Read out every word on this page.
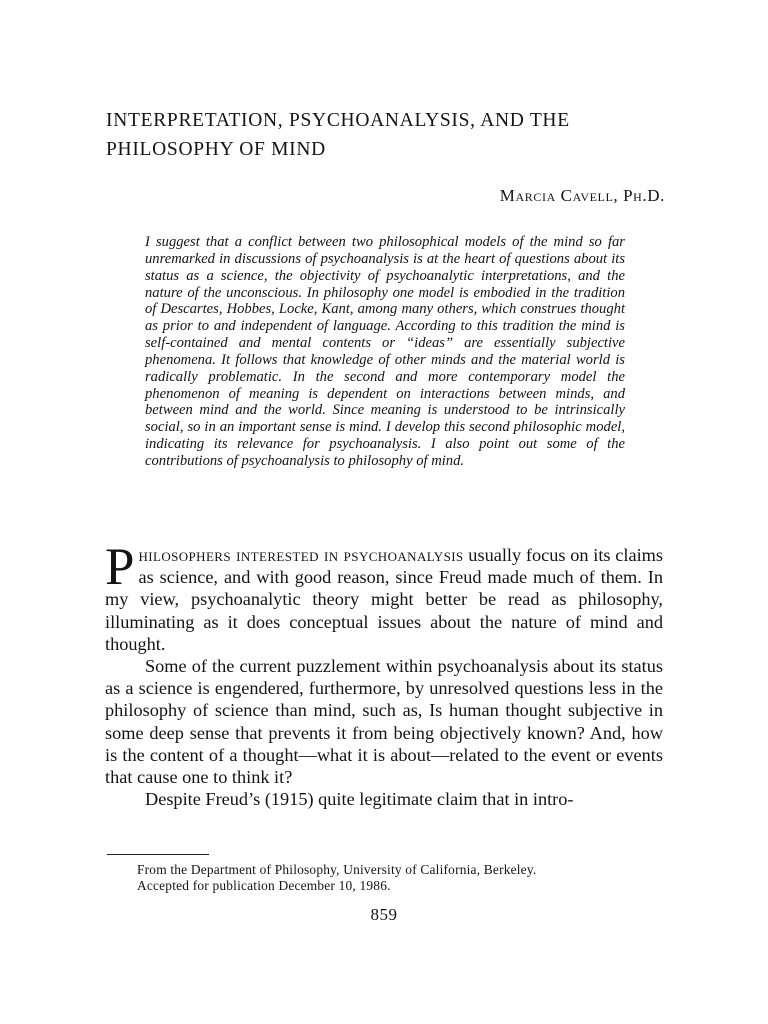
INTERPRETATION, PSYCHOANALYSIS, AND THE PHILOSOPHY OF MIND
Marcia Cavell, Ph.D.

I suggest that a conflict between two philosophical models of the mind so far unremarked in discussions of psychoanalysis is at the heart of questions about its status as a science, the objectivity of psychoanalytic interpretations, and the nature of the unconscious. In philosophy one model is embodied in the tradition of Descartes, Hobbes, Locke, Kant, among many others, which construes thought as prior to and independent of language. According to this tradition the mind is self-contained and mental contents or “ideas” are essentially subjective phenomena. It follows that knowledge of other minds and the material world is radically problematic. In the second and more contemporary model the phenomenon of meaning is dependent on interactions between minds, and between mind and the world. Since meaning is understood to be intrinsically social, so in an important sense is mind. I develop this second philosophic model, indicating its relevance for psychoanalysis. I also point out some of the contributions of psychoanalysis to philosophy of mind.

Philosophers interested in psychoanalysis usually focus on its claims as science, and with good reason, since Freud made much of them. In my view, psychoanalytic theory might better be read as philosophy, illuminating as it does conceptual issues about the nature of mind and thought.

Some of the current puzzlement within psychoanalysis about its status as a science is engendered, furthermore, by unresolved questions less in the philosophy of science than mind, such as, Is human thought subjective in some deep sense that prevents it from being objectively known? And, how is the content of a thought—what it is about—related to the event or events that cause one to think it?

Despite Freud’s (1915) quite legitimate claim that in intro-

From the Department of Philosophy, University of California, Berkeley.
Accepted for publication December 10, 1986.

859
